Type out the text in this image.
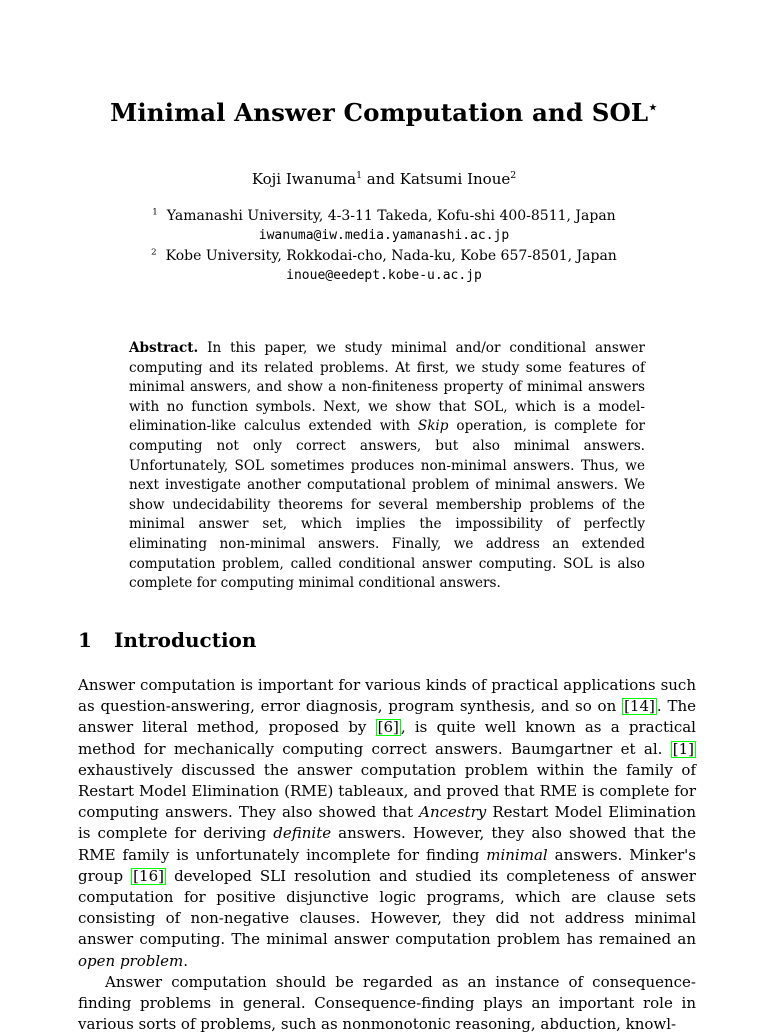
Minimal Answer Computation and SOL⋆
Koji Iwanuma$^1$ and Katsumi Inoue$^2$
$^1$ Yamanashi University, 4-3-11 Takeda, Kofu-shi 400-8511, Japan
iwanuma@iw.media.yamanashi.ac.jp
$^2$ Kobe University, Rokkodai-cho, Nada-ku, Kobe 657-8501, Japan
inoue@eedept.kobe-u.ac.jp
Abstract. In this paper, we study minimal and/or conditional answer computing and its related problems. At first, we study some features of minimal answers, and show a non-finiteness property of minimal answers with no function symbols. Next, we show that SOL, which is a model-elimination-like calculus extended with Skip operation, is complete for computing not only correct answers, but also minimal answers. Unfortunately, SOL sometimes produces non-minimal answers. Thus, we next investigate another computational problem of minimal answers. We show undecidability theorems for several membership problems of the minimal answer set, which implies the impossibility of perfectly eliminating non-minimal answers. Finally, we address an extended computation problem, called conditional answer computing. SOL is also complete for computing minimal conditional answers.
1 Introduction

Answer computation is important for various kinds of practical applications such as question-answering, error diagnosis, program synthesis, and so on [14] . The answer literal method, proposed by [6] , is quite well known as a practical method for mechanically computing correct answers. Baumgartner et al. [1] exhaustively discussed the answer computation problem within the family of Restart Model Elimination (RME) tableaux, and proved that RME is complete for computing answers. They also showed that Ancestry Restart Model Elimination is complete for deriving definite answers. However, they also showed that the RME family is unfortunately incomplete for finding minimal answers. Minker's group [16] developed SLI resolution and studied its completeness of answer computation for positive disjunctive logic programs, which are clause sets consisting of non-negative clauses. However, they did not address minimal answer computing. The minimal answer computation problem has remained an open problem.

Answer computation should be regarded as an instance of consequence-finding problems in general. Consequence-finding plays an important role in various sorts of problems, such as nonmonotonic reasoning, abduction, knowl-
